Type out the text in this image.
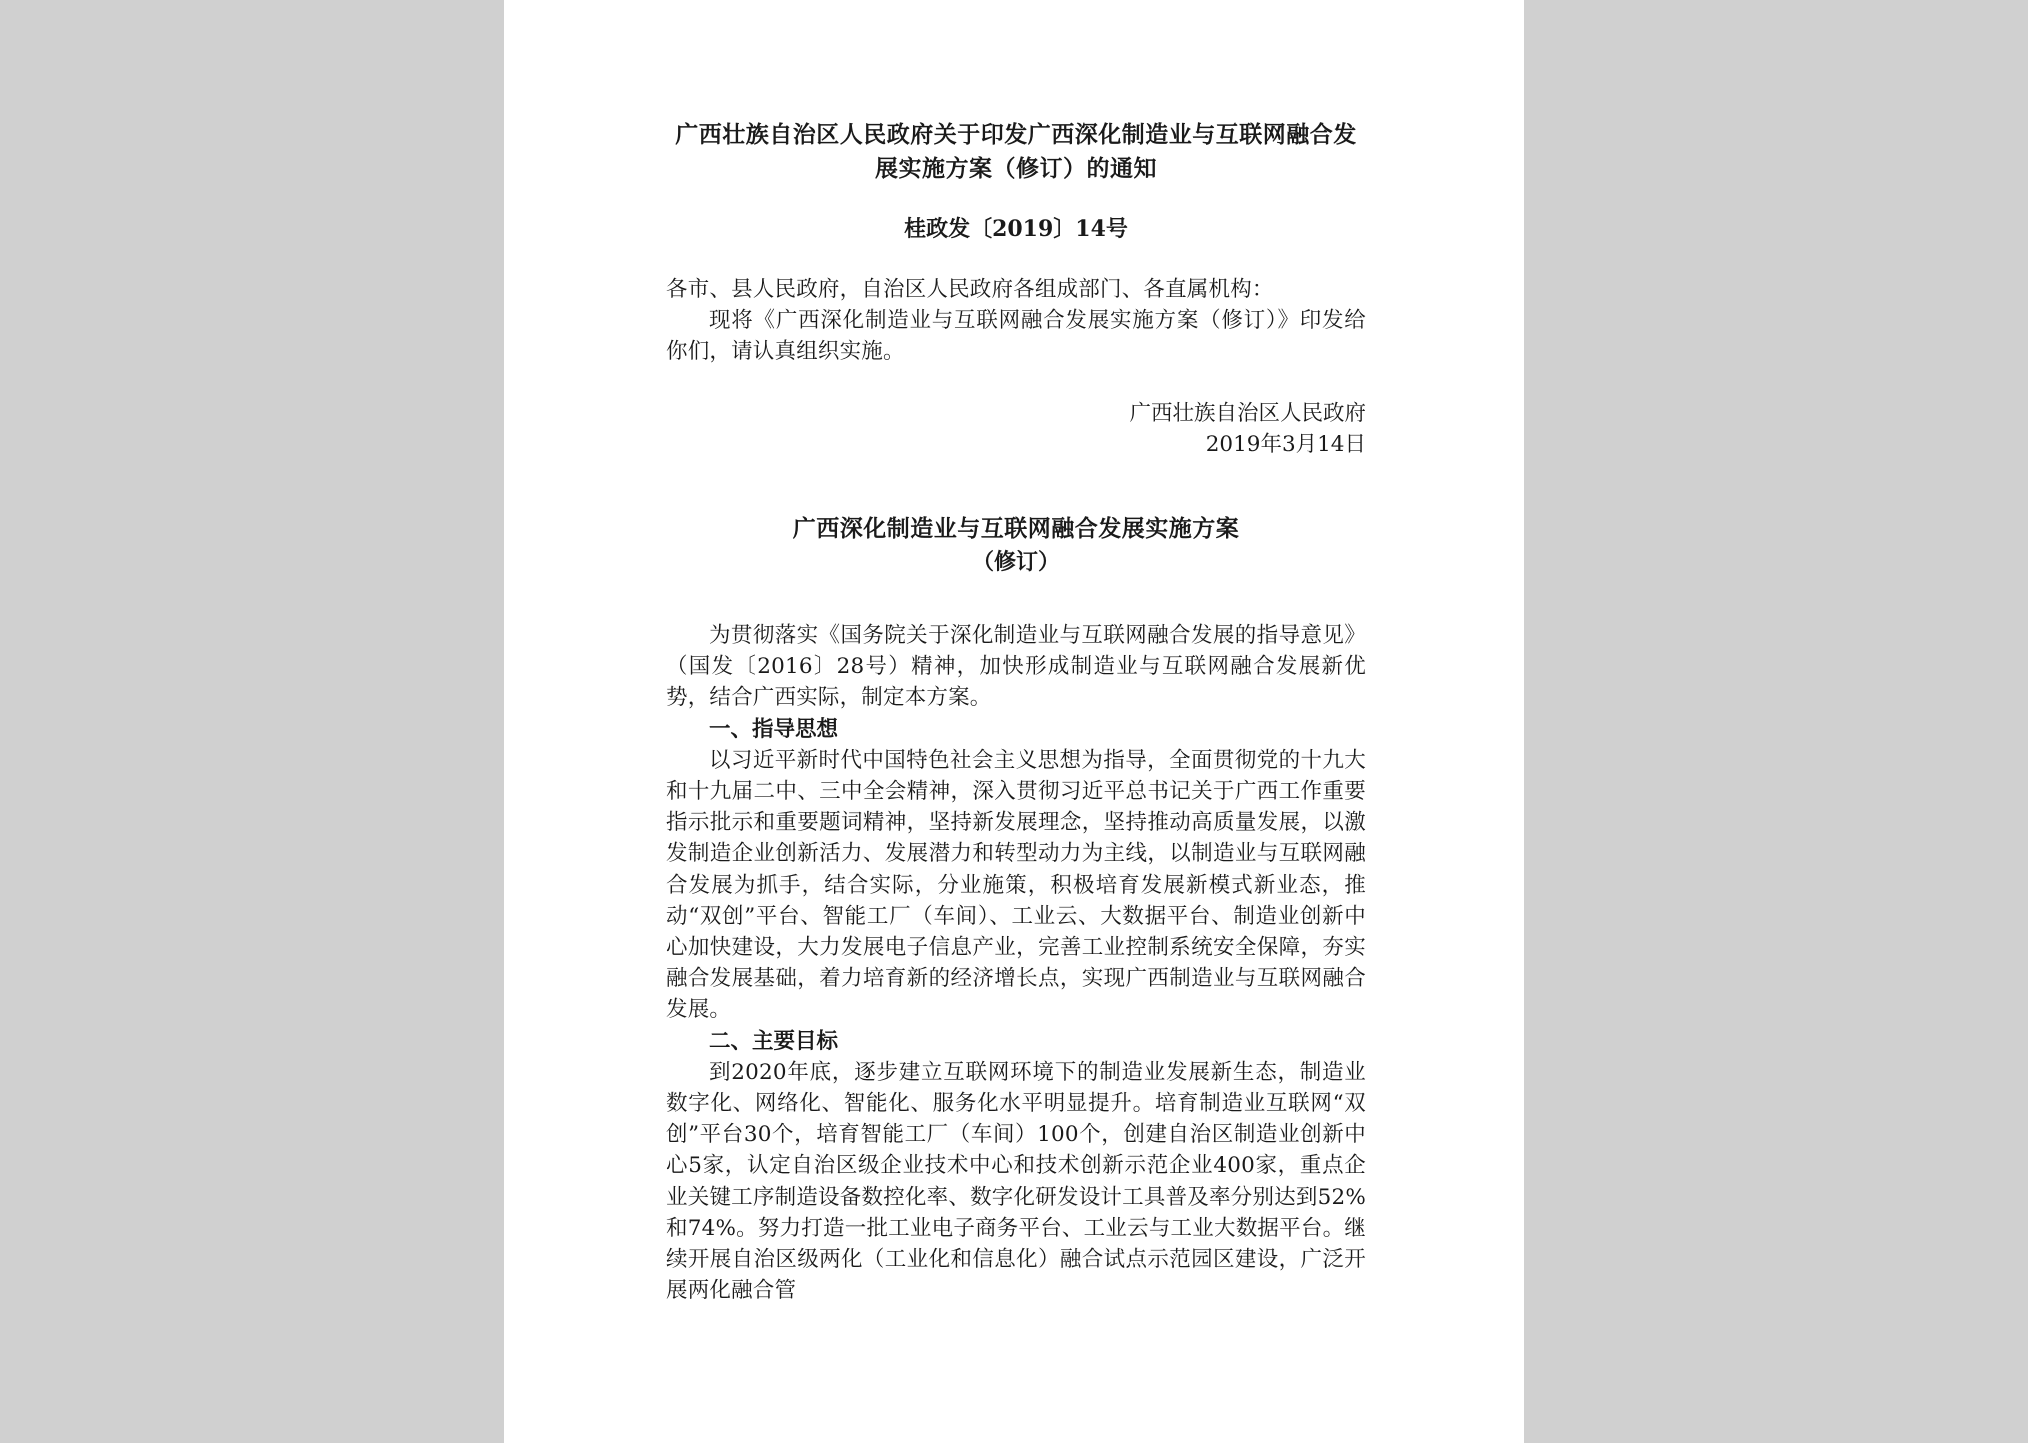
广西壮族自治区人民政府关于印发广西深化制造业与互联网融合发展实施方案（修订）的通知
桂政发〔2019〕14号

各市、县人民政府，自治区人民政府各组成部门、各直属机构：

现将《广西深化制造业与互联网融合发展实施方案（修订）》印发给你们，请认真组织实施。

广西壮族自治区人民政府
2019年3月14日
广西深化制造业与互联网融合发展实施方案
（修订）

为贯彻落实《国务院关于深化制造业与互联网融合发展的指导意见》（国发〔2016〕28号）精神，加快形成制造业与互联网融合发展新优势，结合广西实际，制定本方案。

一、指导思想

以习近平新时代中国特色社会主义思想为指导，全面贯彻党的十九大和十九届二中、三中全会精神，深入贯彻习近平总书记关于广西工作重要指示批示和重要题词精神，坚持新发展理念，坚持推动高质量发展，以激发制造企业创新活力、发展潜力和转型动力为主线，以制造业与互联网融合发展为抓手，结合实际，分业施策，积极培育发展新模式新业态，推动“双创”平台、智能工厂（车间）、工业云、大数据平台、制造业创新中心加快建设，大力发展电子信息产业，完善工业控制系统安全保障，夯实融合发展基础，着力培育新的经济增长点，实现广西制造业与互联网融合发展。

二、主要目标

到2020年底，逐步建立互联网环境下的制造业发展新生态，制造业数字化、网络化、智能化、服务化水平明显提升。培育制造业互联网“双创”平台30个，培育智能工厂（车间）100个，创建自治区制造业创新中心5家，认定自治区级企业技术中心和技术创新示范企业400家，重点企业关键工序制造设备数控化率、数字化研发设计工具普及率分别达到52%和74%。努力打造一批工业电子商务平台、工业云与工业大数据平台。继续开展自治区级两化（工业化和信息化）融合试点示范园区建设，广泛开展两化融合管
